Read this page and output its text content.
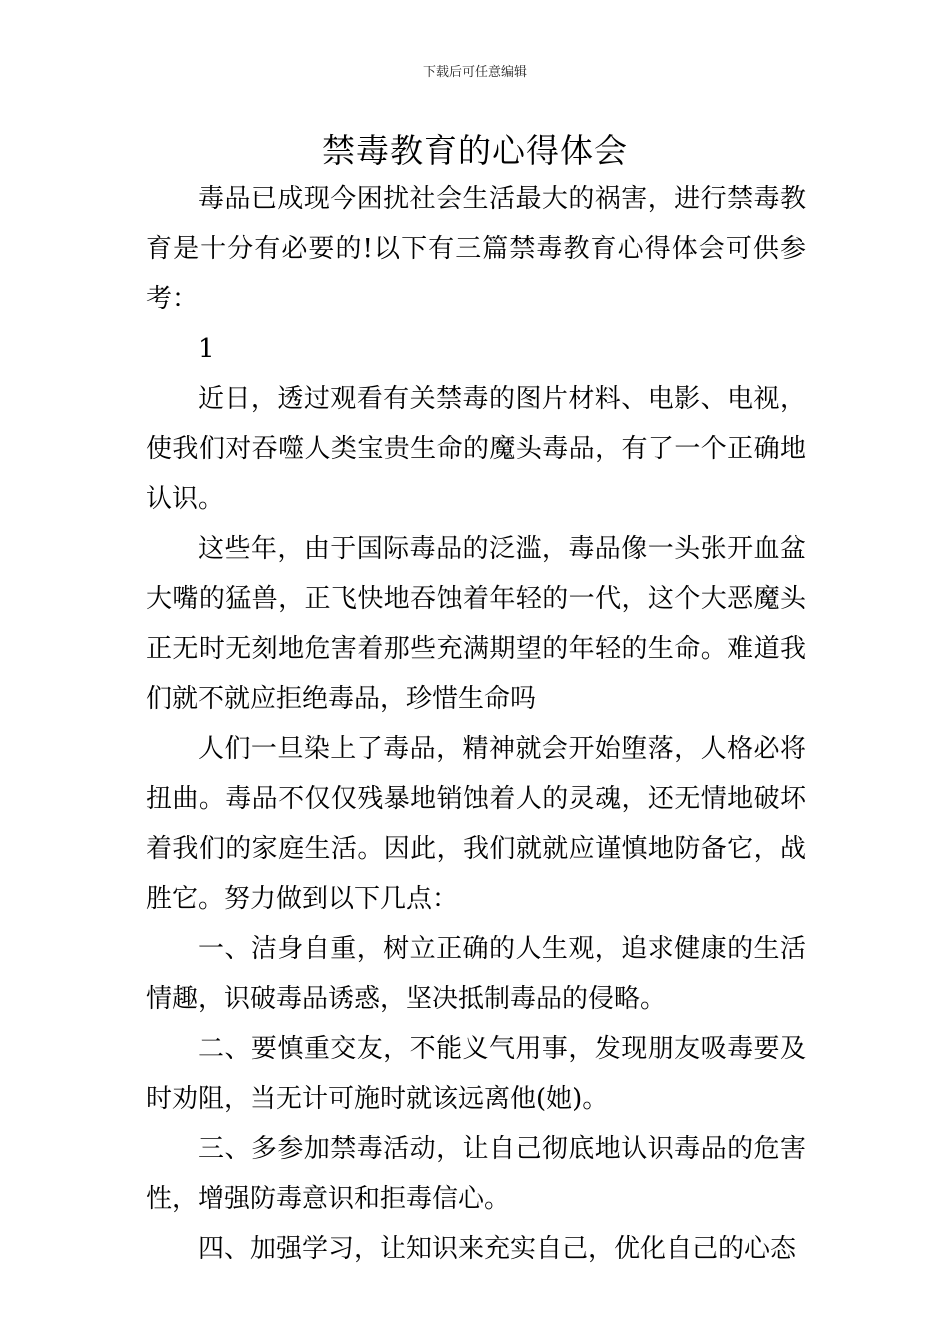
下载后可任意编辑
禁毒教育的心得体会

毒品已成现今困扰社会生活最大的祸害，进行禁毒教育是十分有必要的!以下有三篇禁毒教育心得体会可供参考：

1

近日，透过观看有关禁毒的图片材料、电影、电视，使我们对吞噬人类宝贵生命的魔头毒品，有了一个正确地认识。

这些年，由于国际毒品的泛滥，毒品像一头张开血盆大嘴的猛兽，正飞快地吞蚀着年轻的一代，这个大恶魔头正无时无刻地危害着那些充满期望的年轻的生命。难道我们就不就应拒绝毒品，珍惜生命吗

人们一旦染上了毒品，精神就会开始堕落，人格必将扭曲。毒品不仅仅残暴地销蚀着人的灵魂，还无情地破坏着我们的家庭生活。因此，我们就就应谨慎地防备它，战胜它。努力做到以下几点：

一、洁身自重，树立正确的人生观，追求健康的生活情趣，识破毒品诱惑，坚决抵制毒品的侵略。

二、要慎重交友，不能义气用事，发现朋友吸毒要及时劝阻，当无计可施时就该远离他(她)。

三、多参加禁毒活动，让自己彻底地认识毒品的危害性，增强防毒意识和拒毒信心。

四、加强学习，让知识来充实自己，优化自己的心态
